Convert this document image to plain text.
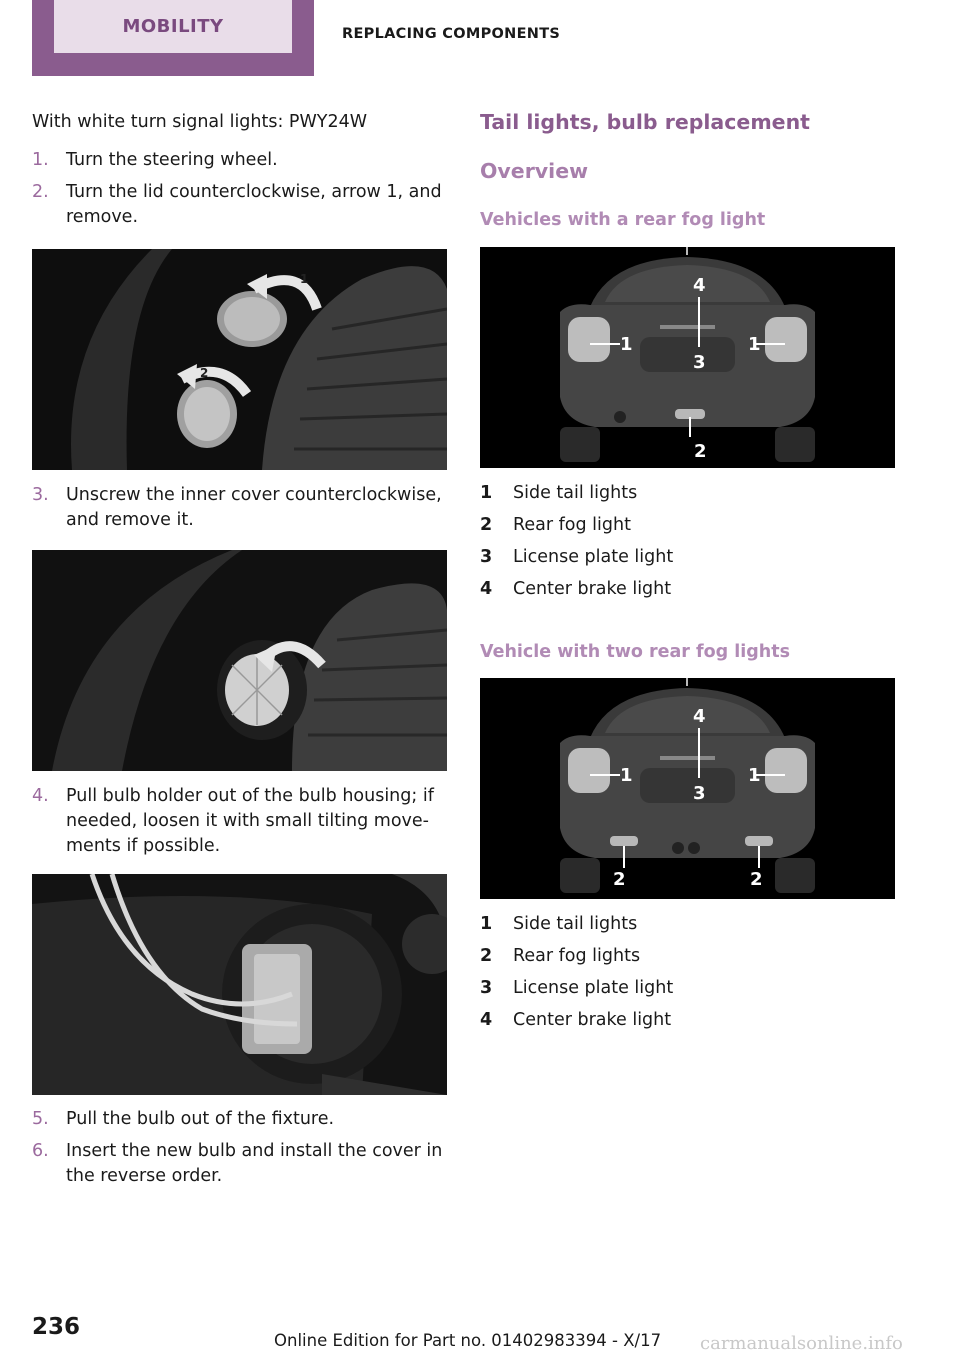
MOBILITY	REPLACING COMPONENTS

With white turn signal lights: PWY24W

1. Turn the steering wheel.
2. Turn the lid counterclockwise, arrow 1, and remove.
1
2
3. Unscrew the inner cover counterclockwise, and remove it.
4. Pull bulb holder out of the bulb housing; if needed, loosen it with small tilting move‐ments if possible.
5. Pull the bulb out of the fixture.
6. Insert the new bulb and install the cover in the reverse order.
Tail lights, bulb replacement
Overview
Vehicles with a rear fog light
1	1
2
3
4
1	Side tail lights
2	Rear fog light
3	License plate light
4	Center brake light
Vehicle with two rear fog lights
1	1
2	2
3
4
1	Side tail lights
2	Rear fog lights
3	License plate light
4	Center brake light
236
Online Edition for Part no. 01402983394 - X/17 carmanualsonline.info
